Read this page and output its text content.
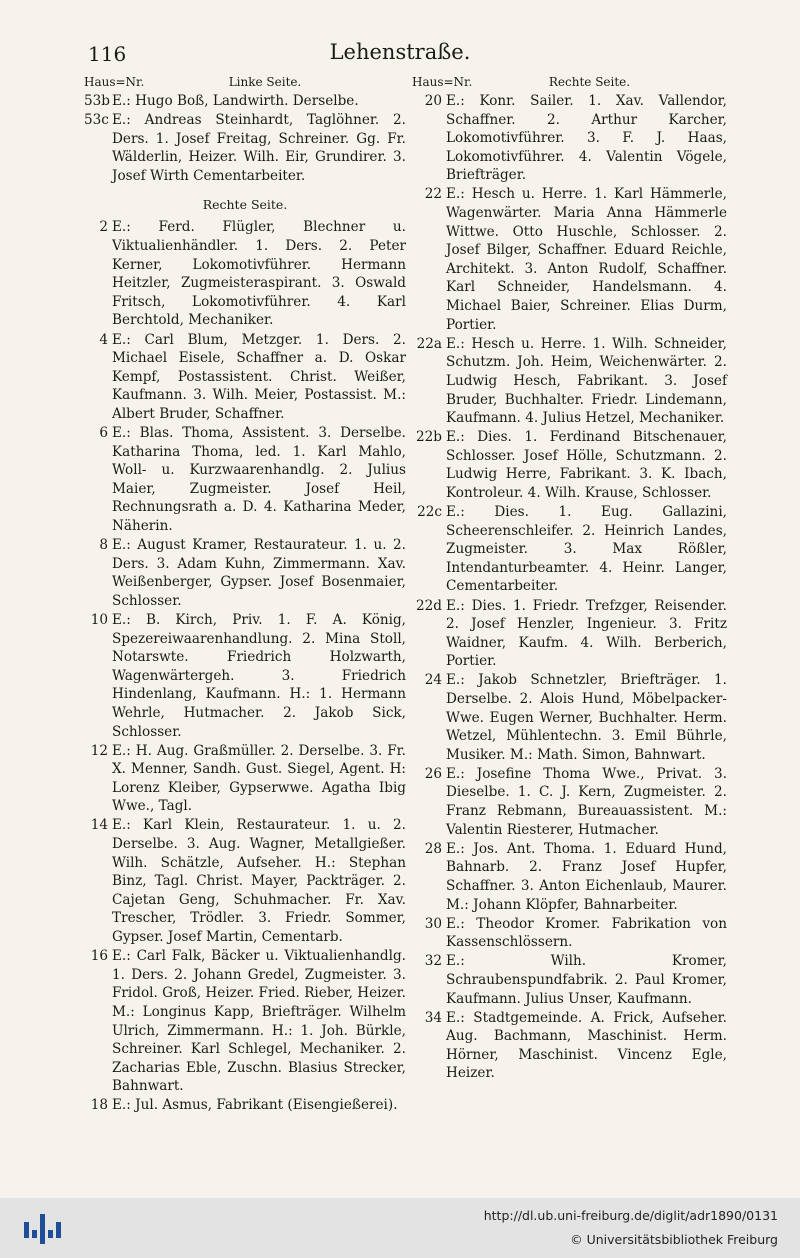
116	Lehenstraße.
Haus=Nr.	Linke Seite.
53b E.: Hugo Boß, Landwirth. Derselbe.
53c E.: Andreas Steinhardt, Taglöhner. 2. Ders. 1. Josef Freitag, Schreiner. Gg. Fr. Wälderlin, Heizer. Wilh. Eir, Grundirer. 3. Josef Wirth Cementarbeiter.
Rechte Seite.
2 E.: Ferd. Flügler, Blechner u. Viktualienhändler. 1. Ders. 2. Peter Kerner, Lokomotivführer. Hermann Heitzler, Zugmeisteraspirant. 3. Oswald Fritsch, Lokomotivführer. 4. Karl Berchtold, Mechaniker.
4 E.: Carl Blum, Metzger. 1. Ders. 2. Michael Eisele, Schaffner a. D. Oskar Kempf, Postassistent. Christ. Weißer, Kaufmann. 3. Wilh. Meier, Postassist. M.: Albert Bruder, Schaffner.
6 E.: Blas. Thoma, Assistent. 3. Derselbe. Katharina Thoma, led. 1. Karl Mahlo, Woll- u. Kurzwaarenhandlg. 2. Julius Maier, Zugmeister. Josef Heil, Rechnungsrath a. D. 4. Katharina Meder, Näherin.
8 E.: August Kramer, Restaurateur. 1. u. 2. Ders. 3. Adam Kuhn, Zimmermann. Xav. Weißenberger, Gypser. Josef Bosenmaier, Schlosser.
10 E.: B. Kirch, Priv. 1. F. A. König, Spezereiwaarenhandlung. 2. Mina Stoll, Notarswte. Friedrich Holzwarth, Wagenwärtergeh. 3. Friedrich Hindenlang, Kaufmann. H.: 1. Hermann Wehrle, Hutmacher. 2. Jakob Sick, Schlosser.
12 E.: H. Aug. Graßmüller. 2. Derselbe. 3. Fr. X. Menner, Sandh. Gust. Siegel, Agent. H: Lorenz Kleiber, Gypserwwe. Agatha Ibig Wwe., Tagl.
14 E.: Karl Klein, Restaurateur. 1. u. 2. Derselbe. 3. Aug. Wagner, Metallgießer. Wilh. Schätzle, Aufseher. H.: Stephan Binz, Tagl. Christ. Mayer, Packträger. 2. Cajetan Geng, Schuhmacher. Fr. Xav. Trescher, Trödler. 3. Friedr. Sommer, Gypser. Josef Martin, Cementarb.
16 E.: Carl Falk, Bäcker u. Viktualienhandlg. 1. Ders. 2. Johann Gredel, Zugmeister. 3. Fridol. Groß, Heizer. Fried. Rieber, Heizer. M.: Longinus Kapp, Briefträger. Wilhelm Ulrich, Zimmermann. H.: 1. Joh. Bürkle, Schreiner. Karl Schlegel, Mechaniker. 2. Zacharias Eble, Zuschn. Blasius Strecker, Bahnwart.
18 E.: Jul. Asmus, Fabrikant (Eisengießerei).
Haus=Nr.	Rechte Seite.
20 E.: Konr. Sailer. 1. Xav. Vallendor, Schaffner. 2. Arthur Karcher, Lokomotivführer. 3. F. J. Haas, Lokomotivführer. 4. Valentin Vögele, Briefträger.
22 E.: Hesch u. Herre. 1. Karl Hämmerle, Wagenwärter. Maria Anna Hämmerle Wittwe. Otto Huschle, Schlosser. 2. Josef Bilger, Schaffner. Eduard Reichle, Architekt. 3. Anton Rudolf, Schaffner. Karl Schneider, Handelsmann. 4. Michael Baier, Schreiner. Elias Durm, Portier.
22a E.: Hesch u. Herre. 1. Wilh. Schneider, Schutzm. Joh. Heim, Weichenwärter. 2. Ludwig Hesch, Fabrikant. 3. Josef Bruder, Buchhalter. Friedr. Lindemann, Kaufmann. 4. Julius Hetzel, Mechaniker.
22b E.: Dies. 1. Ferdinand Bitschenauer, Schlosser. Josef Hölle, Schutzmann. 2. Ludwig Herre, Fabrikant. 3. K. Ibach, Kontroleur. 4. Wilh. Krause, Schlosser.
22c E.: Dies. 1. Eug. Gallazini, Scheerenschleifer. 2. Heinrich Landes, Zugmeister. 3. Max Rößler, Intendanturbeamter. 4. Heinr. Langer, Cementarbeiter.
22d E.: Dies. 1. Friedr. Trefzger, Reisender. 2. Josef Henzler, Ingenieur. 3. Fritz Waidner, Kaufm. 4. Wilh. Berberich, Portier.
24 E.: Jakob Schnetzler, Briefträger. 1. Derselbe. 2. Alois Hund, Möbelpacker-Wwe. Eugen Werner, Buchhalter. Herm. Wetzel, Mühlentechn. 3. Emil Bührle, Musiker. M.: Math. Simon, Bahnwart.
26 E.: Josefine Thoma Wwe., Privat. 3. Dieselbe. 1. C. J. Kern, Zugmeister. 2. Franz Rebmann, Bureauassistent. M.: Valentin Riesterer, Hutmacher.
28 E.: Jos. Ant. Thoma. 1. Eduard Hund, Bahnarb. 2. Franz Josef Hupfer, Schaffner. 3. Anton Eichenlaub, Maurer. M.: Johann Klöpfer, Bahnarbeiter.
30 E.: Theodor Kromer. Fabrikation von Kassenschlössern.
32 E.: Wilh. Kromer, Schraubenspundfabrik. 2. Paul Kromer, Kaufmann. Julius Unser, Kaufmann.
34 E.: Stadtgemeinde. A. Frick, Aufseher. Aug. Bachmann, Maschinist. Herm. Hörner, Maschinist. Vincenz Egle, Heizer.
http://dl.ub.uni-freiburg.de/diglit/adr1890/0131
© Universitätsbibliothek Freiburg
